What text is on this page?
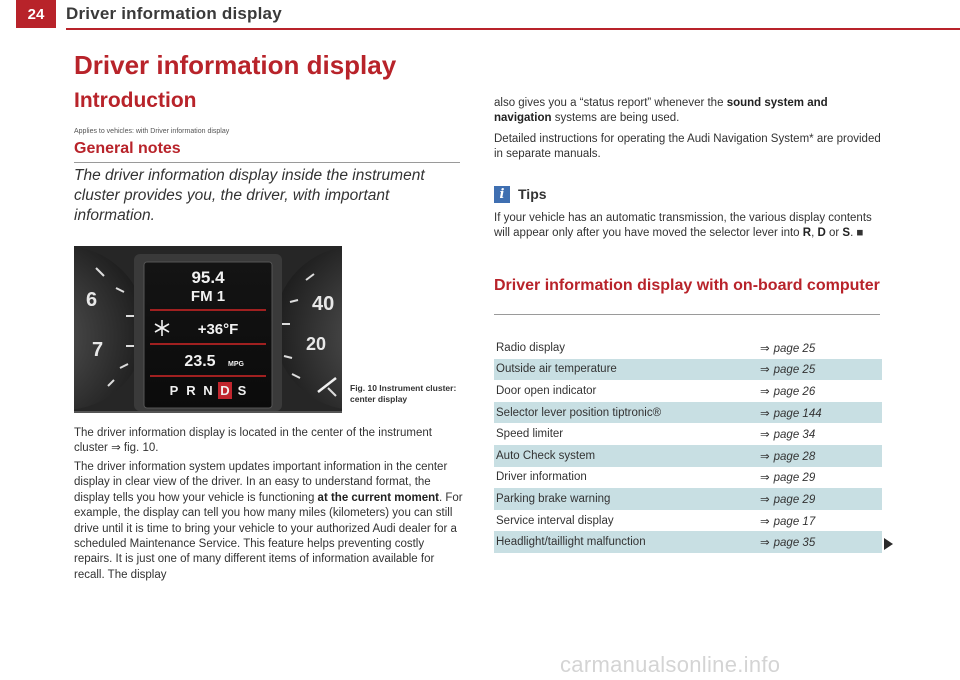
24	Driver information display
Driver information display
Introduction
Applies to vehicles: with Driver information display
General notes
The driver information display inside the instrument cluster provides you, the driver, with important information.
6
7
40
20
95.4
FM 1
+36°F
23.5 MPG
P R N D S	Fig. 10 Instrument cluster: center display
The driver information display is located in the center of the instrument cluster ⇒ fig. 10.
The driver information system updates important information in the center display in clear view of the driver. In an easy to understand format, the display tells you how your vehicle is functioning at the current moment. For example, the display can tell you how many miles (kilometers) you can still drive until it is time to bring your vehicle to your authorized Audi dealer for a scheduled Maintenance Service. This feature helps preventing costly repairs. It is just one of many different items of information available for recall. The display
also gives you a “status report” whenever the sound system and navigation systems are being used.
Detailed instructions for operating the Audi Navigation System* are provided in separate manuals.
i Tips
If your vehicle has an automatic transmission, the various display contents will appear only after you have moved the selector lever into R, D or S. ■
Driver information display with on-board computer
Radio display	⇒ page 25
Outside air temperature	⇒ page 25
Door open indicator	⇒ page 26
Selector lever position tiptronic®	⇒ page 144
Speed limiter	⇒ page 34
Auto Check system	⇒ page 28
Driver information	⇒ page 29
Parking brake warning	⇒ page 29
Service interval display	⇒ page 17
Headlight/taillight malfunction	⇒ page 35
carmanualsonline.info
